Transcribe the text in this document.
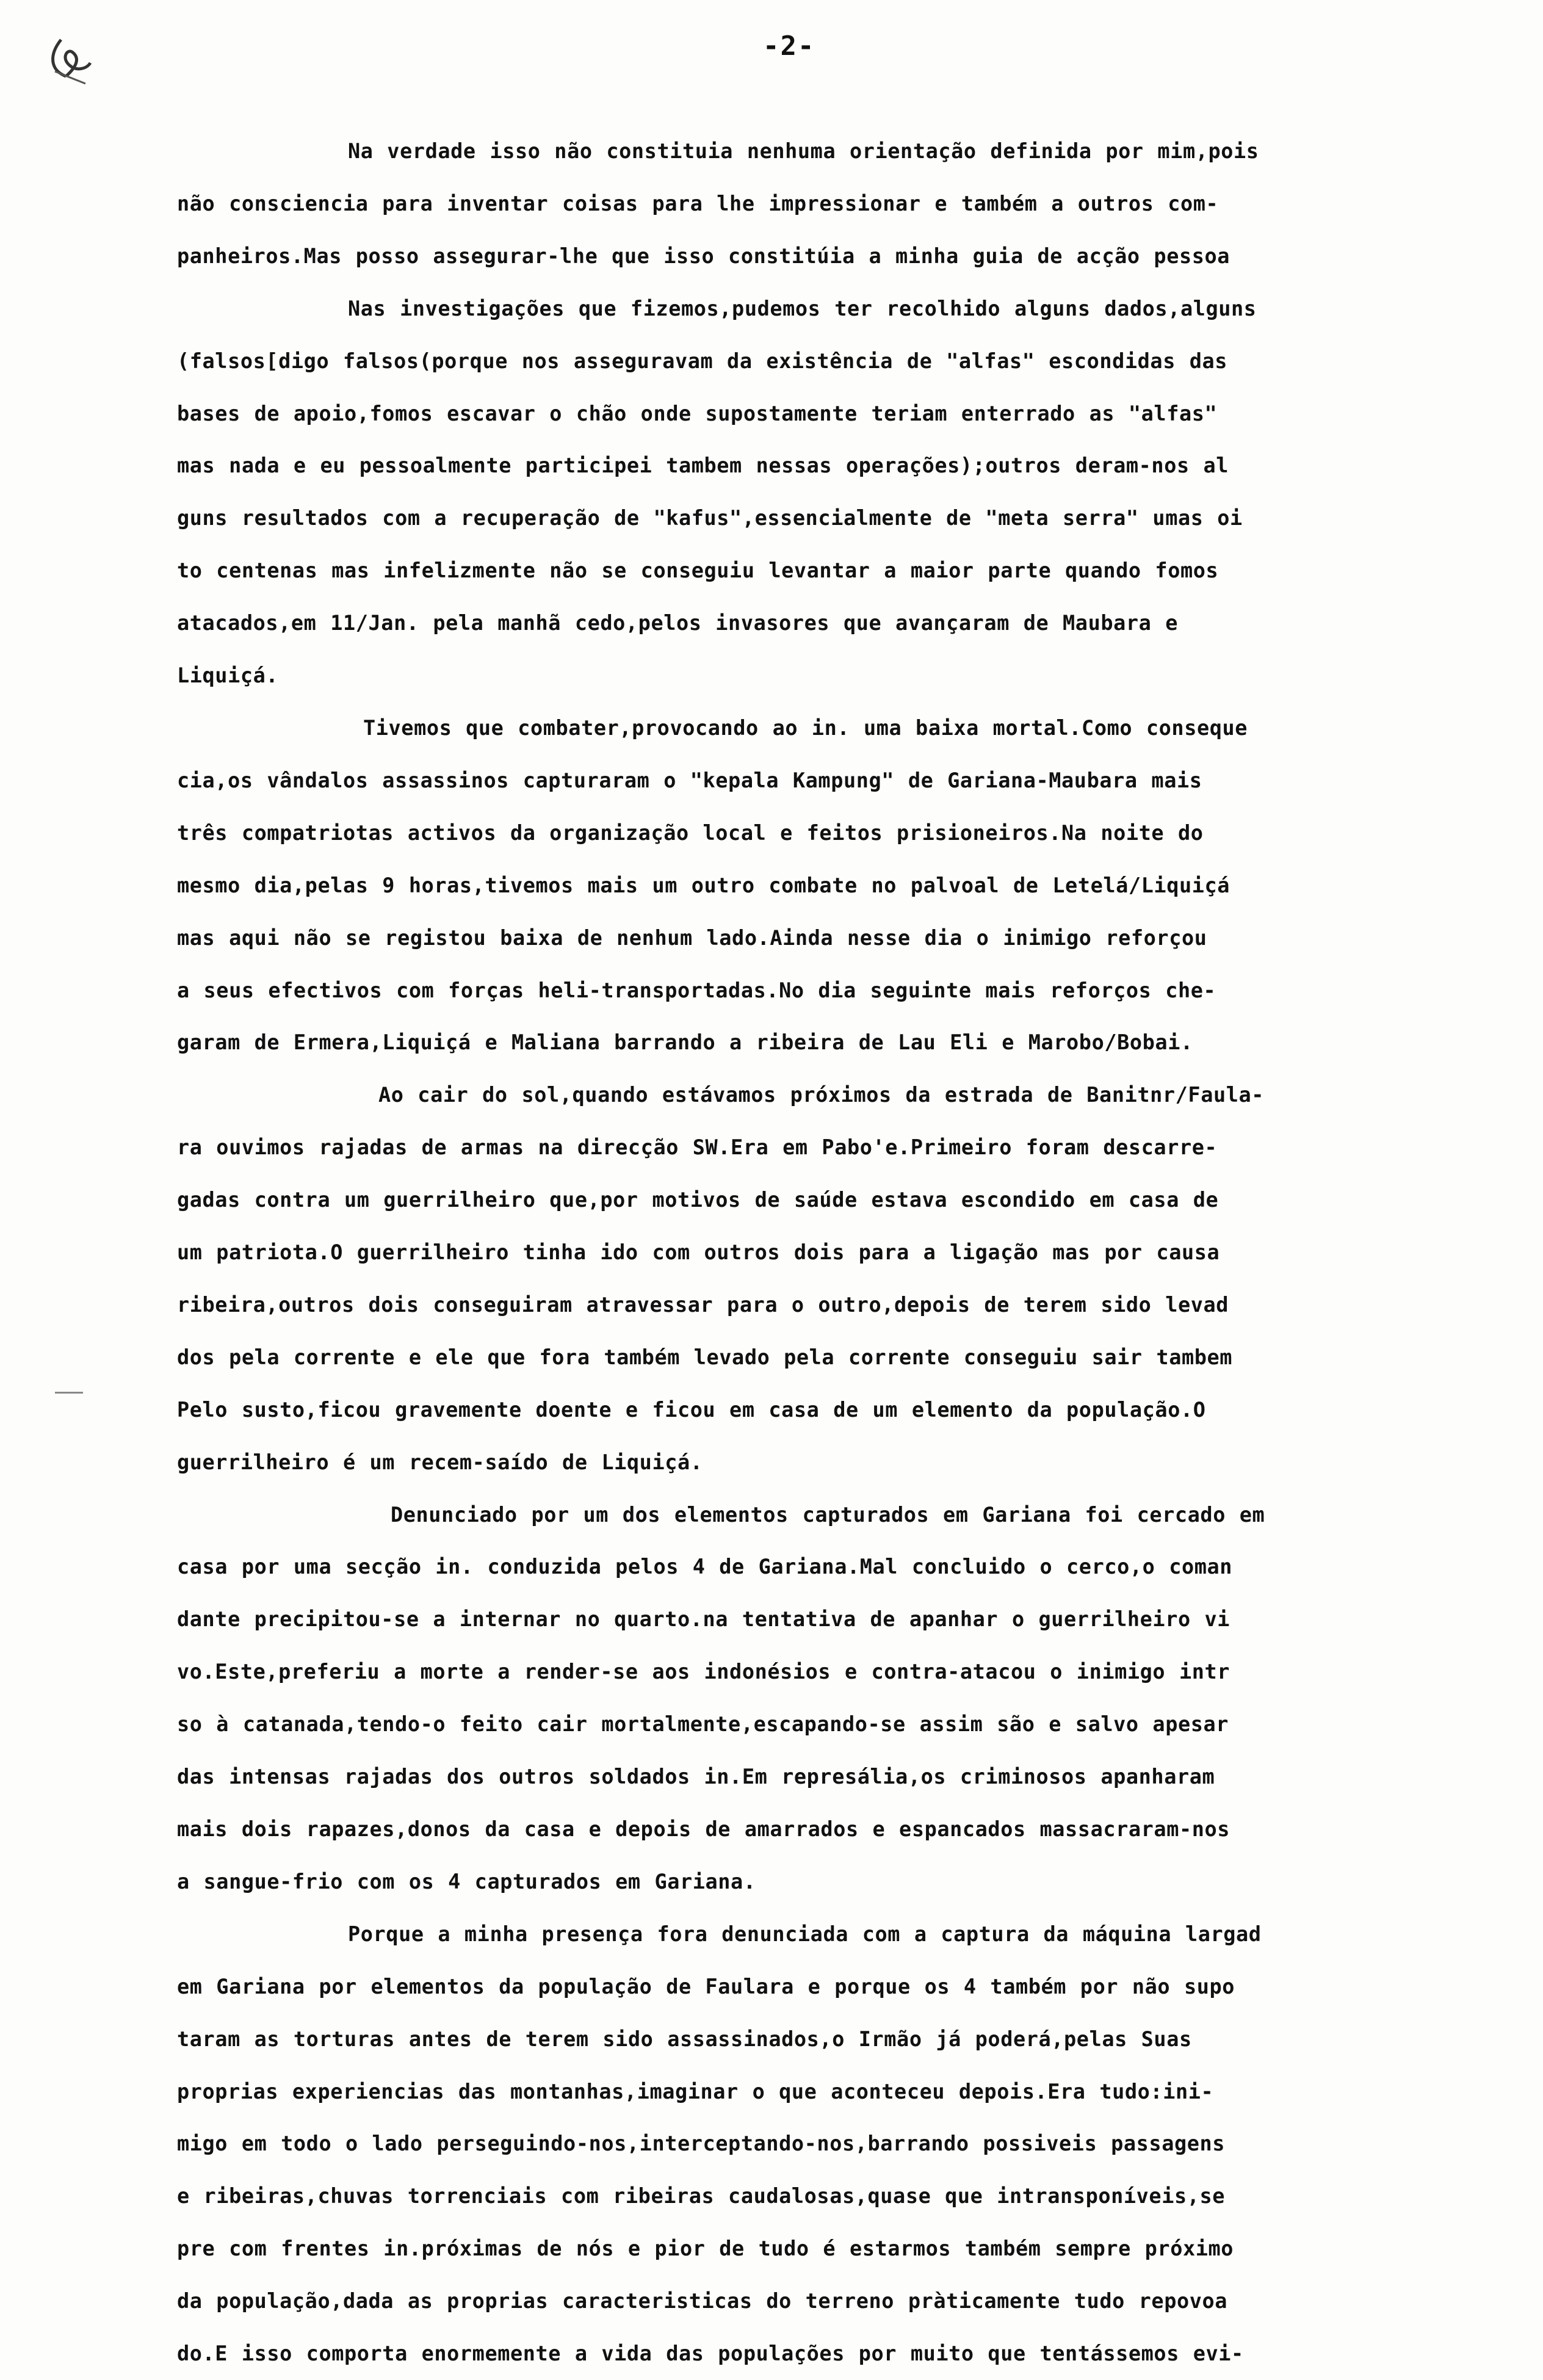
-2-
Na verdade isso não constituia nenhuma orientação definida por mim,pois
não consciencia para inventar coisas para lhe impressionar e também a outros com-
panheiros.Mas posso assegurar-lhe que isso constitúia a minha guia de acção pessoa
Nas investigações que fizemos,pudemos ter recolhido alguns dados,alguns
(falsos[digo falsos(porque nos asseguravam da existência de "alfas" escondidas das
bases de apoio,fomos escavar o chão onde supostamente teriam enterrado as "alfas"
mas nada e eu pessoalmente participei tambem nessas operações);outros deram-nos al
guns resultados com a recuperação de "kafus",essencialmente de "meta serra" umas oi
to centenas mas infelizmente não se conseguiu levantar a maior parte quando fomos
atacados,em 11/Jan. pela manhã cedo,pelos invasores que avançaram de Maubara e
Liquiçá.
Tivemos que combater,provocando ao in. uma baixa mortal.Como conseque
cia,os vândalos assassinos capturaram o "kepala Kampung" de Gariana-Maubara mais
três compatriotas activos da organização local e feitos prisioneiros.Na noite do
mesmo dia,pelas 9 horas,tivemos mais um outro combate no palvoal de Letelá/Liquiçá
mas aqui não se registou baixa de nenhum lado.Ainda nesse dia o inimigo reforçou
a seus efectivos com forças heli-transportadas.No dia seguinte mais reforços che-
garam de Ermera,Liquiçá e Maliana barrando a ribeira de Lau Eli e Marobo/Bobai.
Ao cair do sol,quando estávamos próximos da estrada de Banitnr/Faula-
ra ouvimos rajadas de armas na direcção SW.Era em Pabo'e.Primeiro foram descarre-
gadas contra um guerrilheiro que,por motivos de saúde estava escondido em casa de
um patriota.O guerrilheiro tinha ido com outros dois para a ligação mas por causa
ribeira,outros dois conseguiram atravessar para o outro,depois de terem sido levad
dos pela corrente e ele que fora também levado pela corrente conseguiu sair tambem
Pelo susto,ficou gravemente doente e ficou em casa de um elemento da população.O
guerrilheiro é um recem-saído de Liquiçá.
Denunciado por um dos elementos capturados em Gariana foi cercado em
casa por uma secção in. conduzida pelos 4 de Gariana.Mal concluido o cerco,o coman
dante precipitou-se a internar no quarto.na tentativa de apanhar o guerrilheiro vi
vo.Este,preferiu a morte a render-se aos indonésios e contra-atacou o inimigo intr
so à catanada,tendo-o feito cair mortalmente,escapando-se assim são e salvo apesar
das intensas rajadas dos outros soldados in.Em represália,os criminosos apanharam
mais dois rapazes,donos da casa e depois de amarrados e espancados massacraram-nos
a sangue-frio com os 4 capturados em Gariana.
Porque a minha presença fora denunciada com a captura da máquina largad
em Gariana por elementos da população de Faulara e porque os 4 também por não supo
taram as torturas antes de terem sido assassinados,o Irmão já poderá,pelas Suas
proprias experiencias das montanhas,imaginar o que aconteceu depois.Era tudo:ini-
migo em todo o lado perseguindo-nos,interceptando-nos,barrando possiveis passagens
e ribeiras,chuvas torrenciais com ribeiras caudalosas,quase que intransponíveis,se
pre com frentes in.próximas de nós e pior de tudo é estarmos também sempre próximo
da população,dada as proprias caracteristicas do terreno pràticamente tudo repovoa
do.E isso comporta enormemente a vida das populações por muito que tentássemos evi-
